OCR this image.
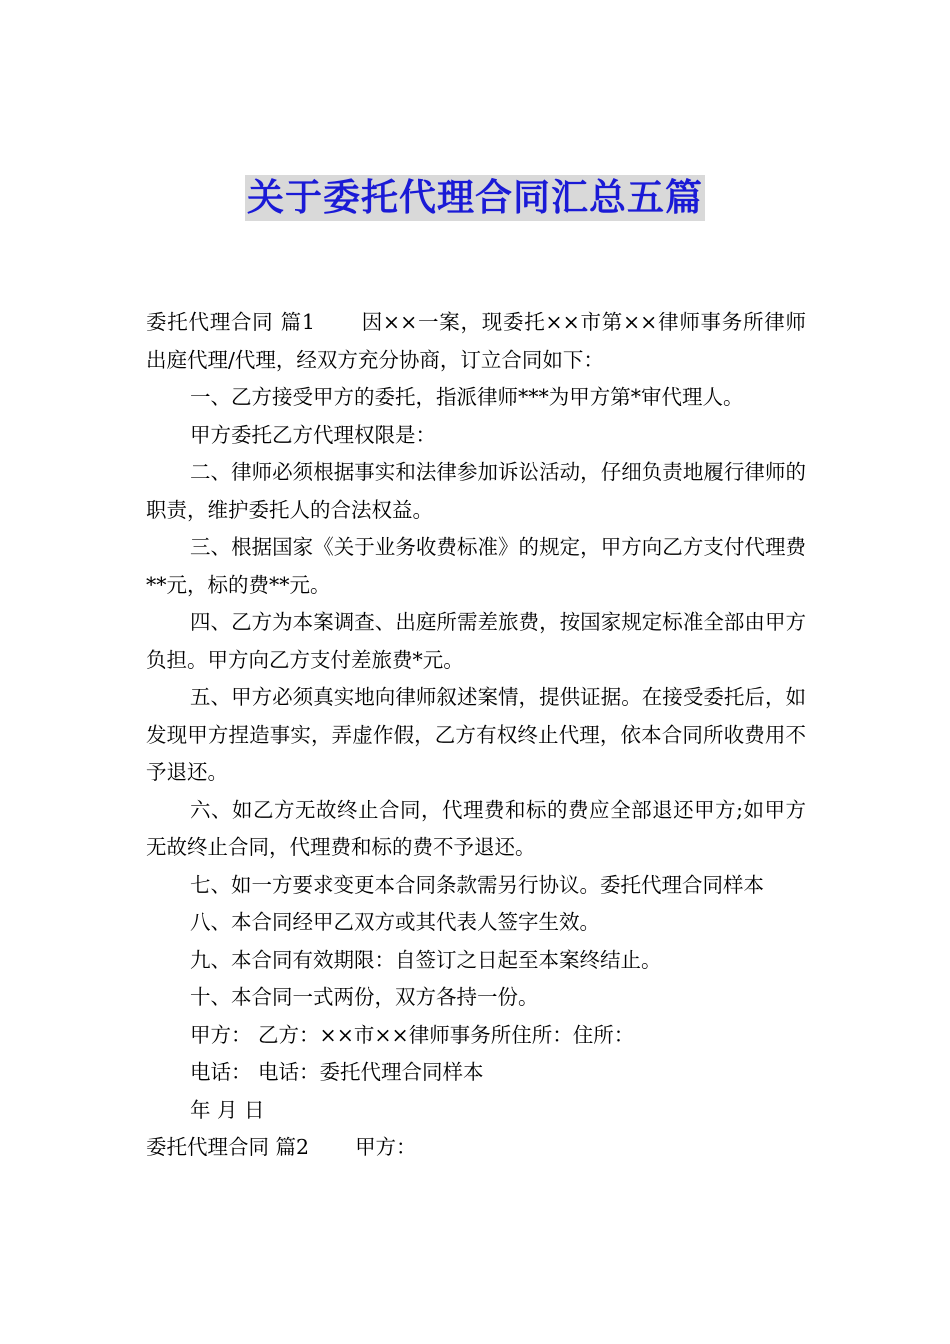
关于委托代理合同汇总五篇

委托代理合同 篇1 因××一案，现委托××市第××律师事务所律师出庭代理/代理，经双方充分协商，订立合同如下：

一、乙方接受甲方的委托，指派律师***为甲方第*审代理人。

甲方委托乙方代理权限是：

二、律师必须根据事实和法律参加诉讼活动，仔细负责地履行律师的职责，维护委托人的合法权益。

三、根据国家《关于业务收费标准》的规定，甲方向乙方支付代理费**元，标的费**元。

四、乙方为本案调查、出庭所需差旅费，按国家规定标准全部由甲方负担。甲方向乙方支付差旅费*元。

五、甲方必须真实地向律师叙述案情，提供证据。在接受委托后，如发现甲方捏造事实，弄虚作假，乙方有权终止代理，依本合同所收费用不予退还。

六、如乙方无故终止合同，代理费和标的费应全部退还甲方;如甲方无故终止合同，代理费和标的费不予退还。

七、如一方要求变更本合同条款需另行协议。委托代理合同样本

八、本合同经甲乙双方或其代表人签字生效。

九、本合同有效期限：自签订之日起至本案终结止。

十、本合同一式两份，双方各持一份。

甲方： 乙方：××市××律师事务所住所：住所：

电话： 电话：委托代理合同样本

年 月 日

委托代理合同 篇2 甲方：
